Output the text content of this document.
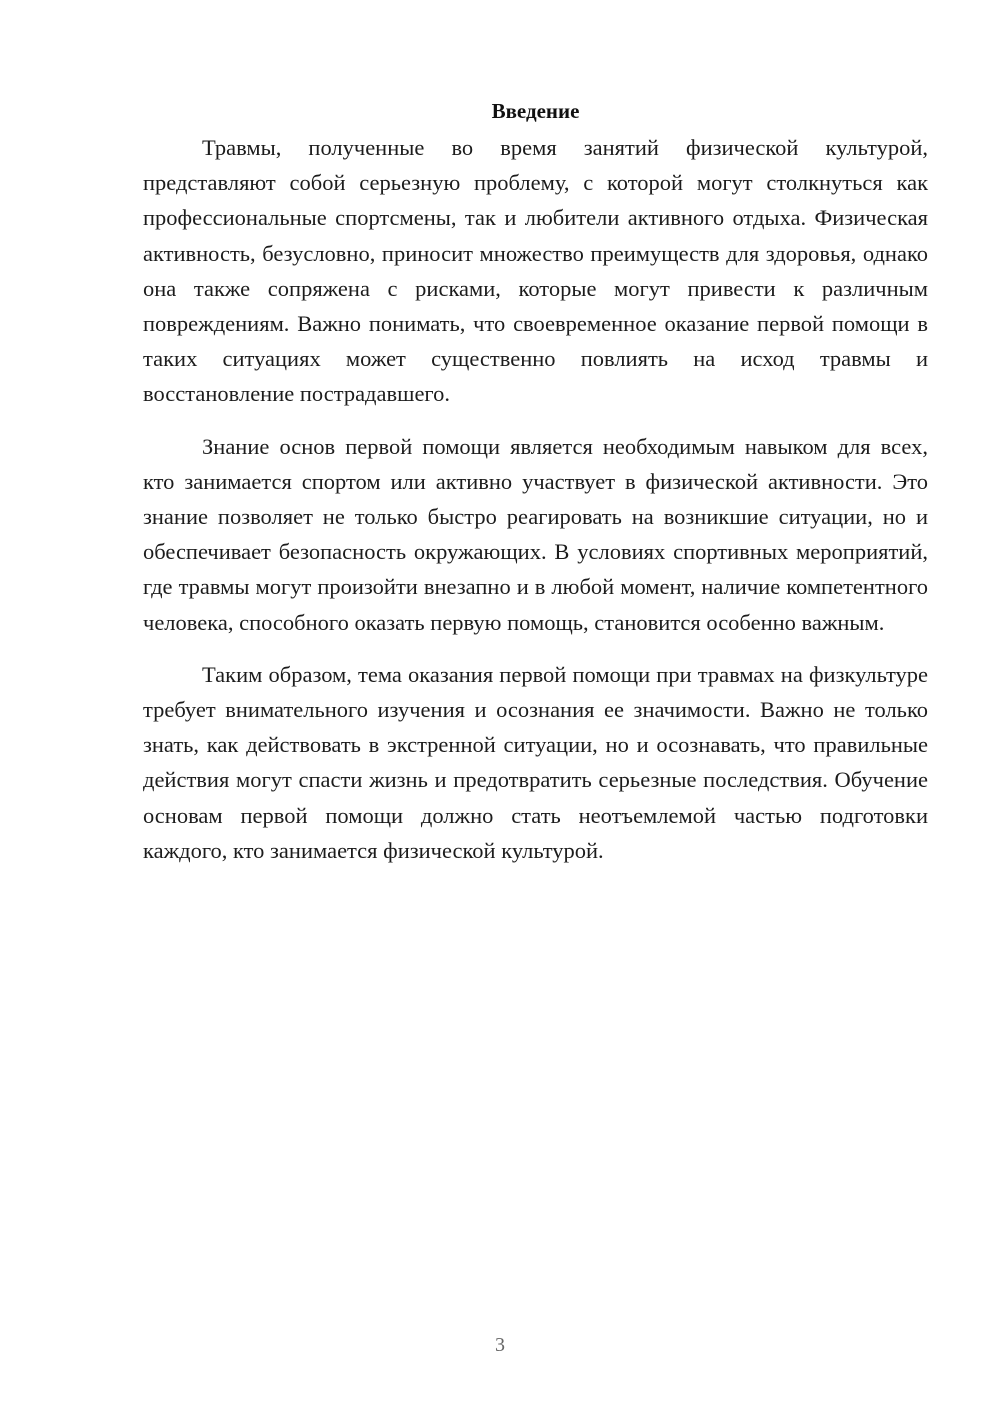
Введение

Травмы, полученные во время занятий физической культурой, представляют собой серьезную проблему, с которой могут столкнуться как профессиональные спортсмены, так и любители активного отдыха. Физическая активность, безусловно, приносит множество преимуществ для здоровья, однако она также сопряжена с рисками, которые могут привести к различным повреждениям. Важно понимать, что своевременное оказание первой помощи в таких ситуациях может существенно повлиять на исход травмы и восстановление пострадавшего.

Знание основ первой помощи является необходимым навыком для всех, кто занимается спортом или активно участвует в физической активности. Это знание позволяет не только быстро реагировать на возникшие ситуации, но и обеспечивает безопасность окружающих. В условиях спортивных мероприятий, где травмы могут произойти внезапно и в любой момент, наличие компетентного человека, способного оказать первую помощь, становится особенно важным.

Таким образом, тема оказания первой помощи при травмах на физкультуре требует внимательного изучения и осознания ее значимости. Важно не только знать, как действовать в экстренной ситуации, но и осознавать, что правильные действия могут спасти жизнь и предотвратить серьезные последствия. Обучение основам первой помощи должно стать неотъемлемой частью подготовки каждого, кто занимается физической культурой.

3
